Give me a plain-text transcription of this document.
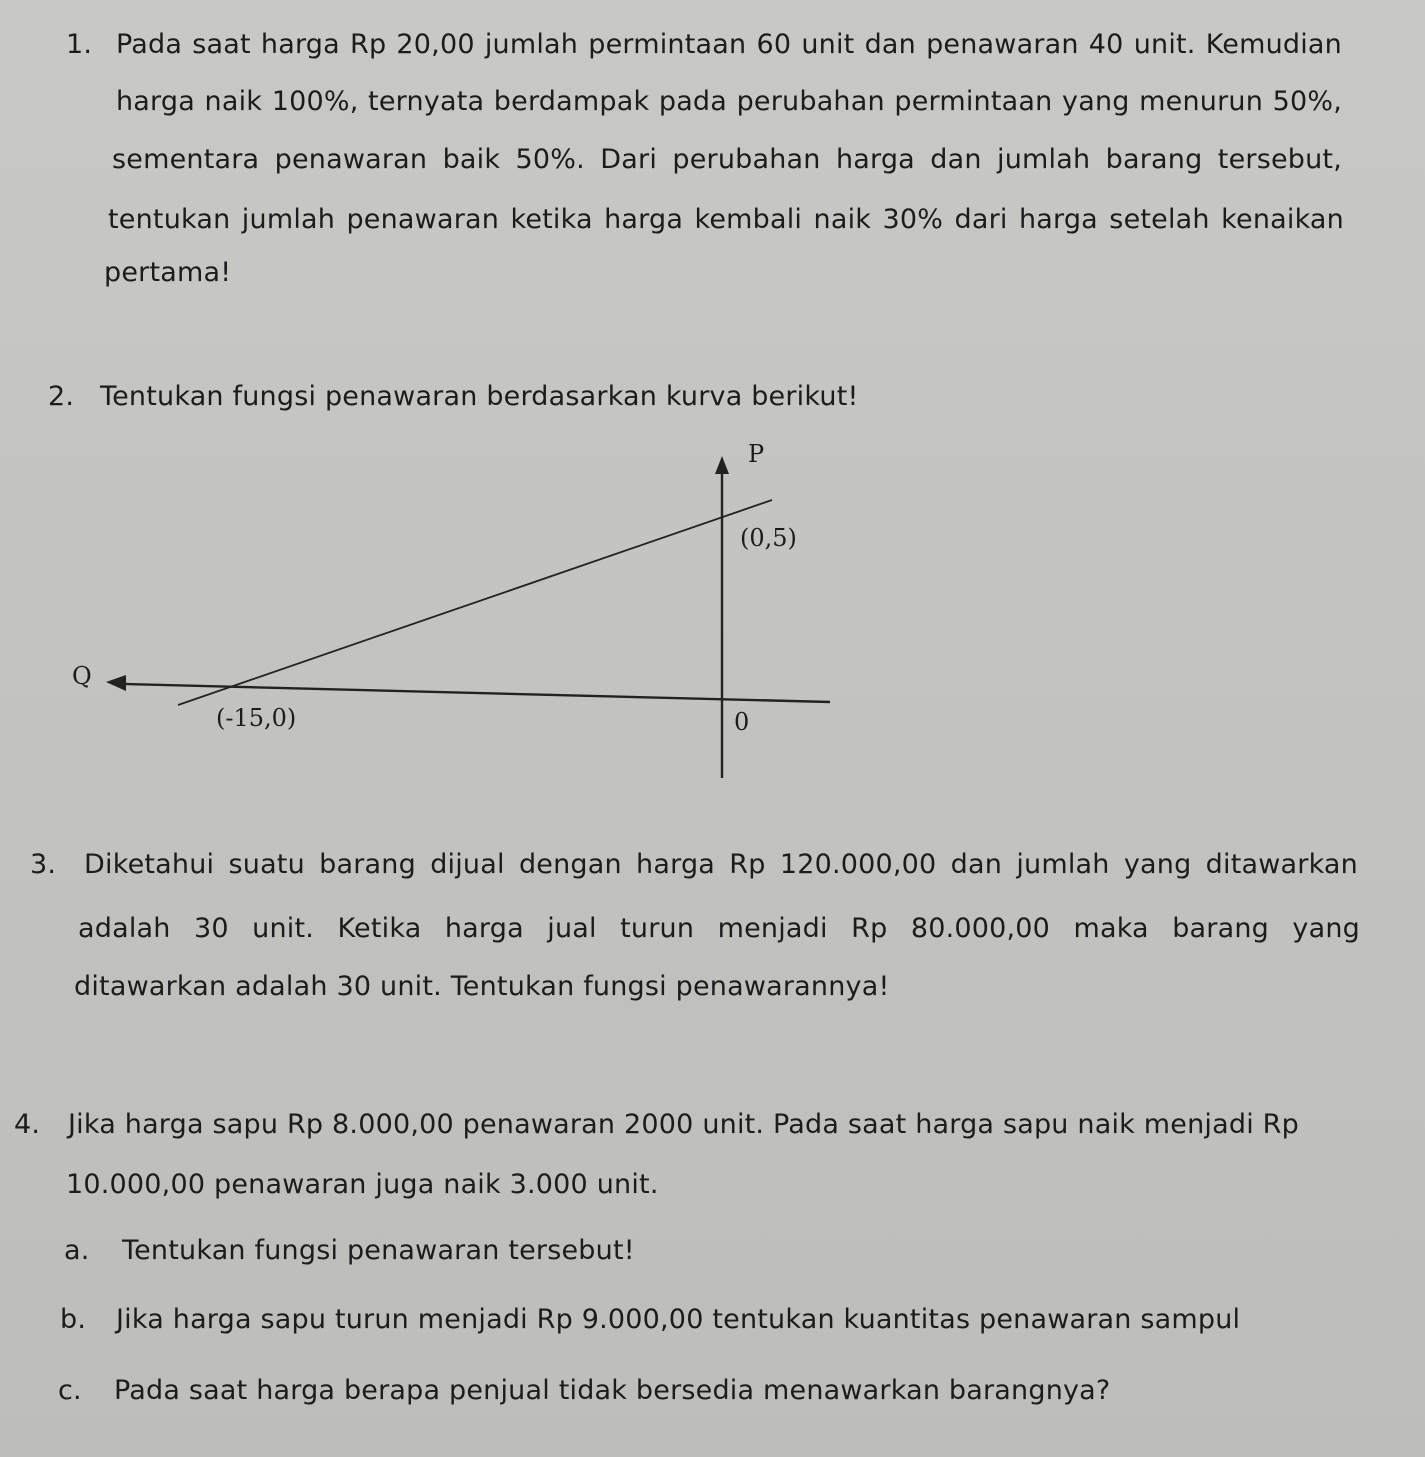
1. Pada saat harga Rp 20,00 jumlah permintaan 60 unit dan penawaran 40 unit. Kemudian
harga naik 100%, ternyata berdampak pada perubahan permintaan yang menurun 50%,
sementara penawaran baik 50%. Dari perubahan harga dan jumlah barang tersebut,
tentukan jumlah penawaran ketika harga kembali naik 30% dari harga setelah kenaikan
pertama!
2. Tentukan fungsi penawaran berdasarkan kurva berikut!
P
Q
(0,5)
(-15,0)	0
3. Diketahui suatu barang dijual dengan harga Rp 120.000,00 dan jumlah yang ditawarkan
adalah 30 unit. Ketika harga jual turun menjadi Rp 80.000,00 maka barang yang
ditawarkan adalah 30 unit. Tentukan fungsi penawarannya!
4. Jika harga sapu Rp 8.000,00 penawaran 2000 unit. Pada saat harga sapu naik menjadi Rp
10.000,00 penawaran juga naik 3.000 unit.
a. Tentukan fungsi penawaran tersebut!
b. Jika harga sapu turun menjadi Rp 9.000,00 tentukan kuantitas penawaran sampul
c. Pada saat harga berapa penjual tidak bersedia menawarkan barangnya?
